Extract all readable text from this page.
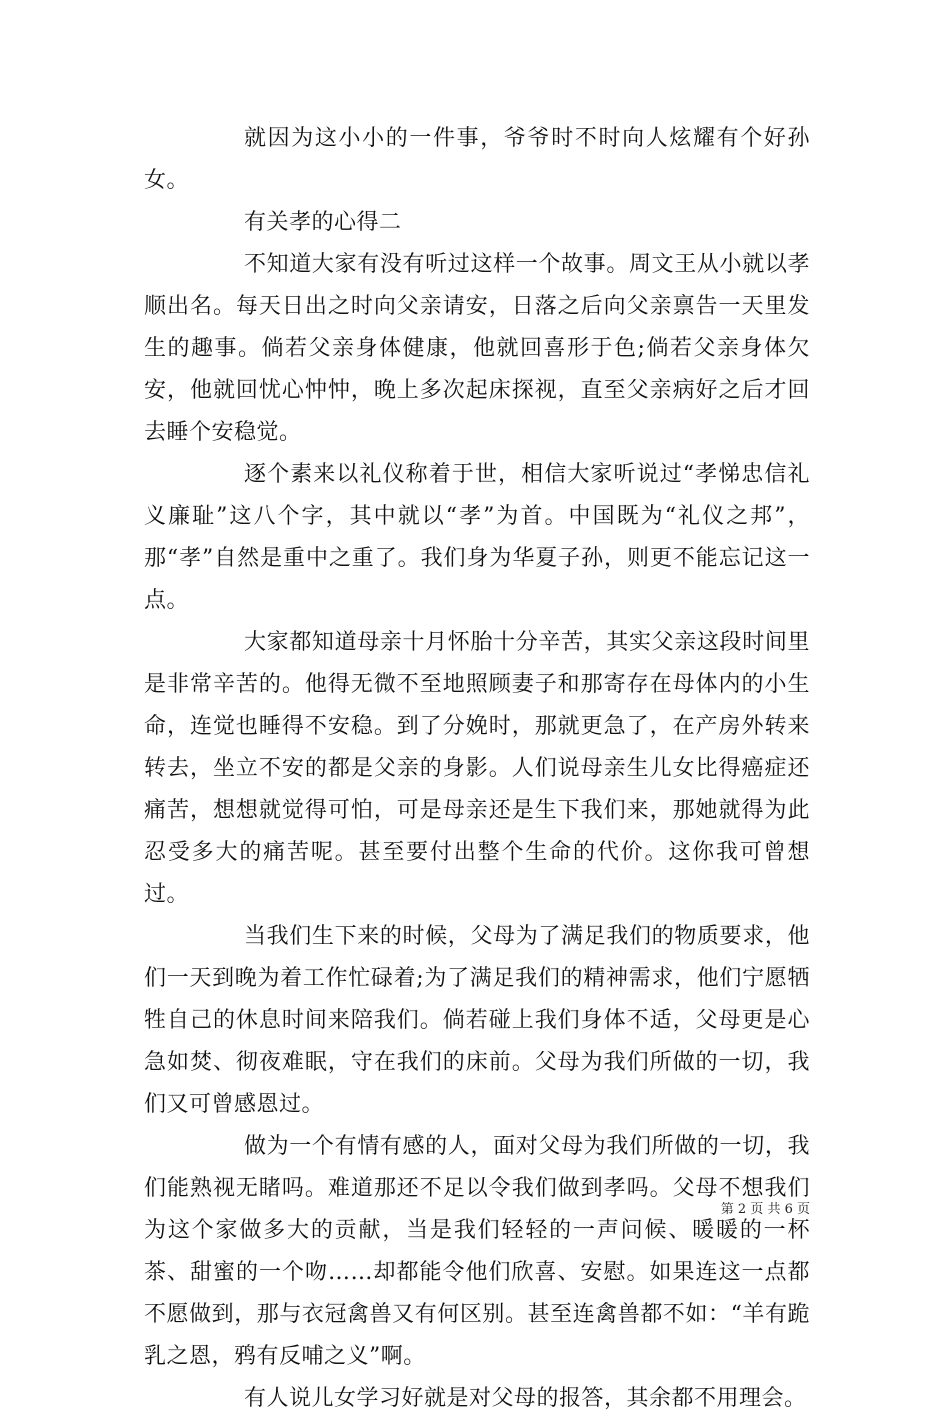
就因为这小小的一件事，爷爷时不时向人炫耀有个好孙女。

有关孝的心得二

不知道大家有没有听过这样一个故事。周文王从小就以孝顺出名。每天日出之时向父亲请安，日落之后向父亲禀告一天里发生的趣事。倘若父亲身体健康，他就回喜形于色;倘若父亲身体欠安，他就回忧心忡忡，晚上多次起床探视，直至父亲病好之后才回去睡个安稳觉。

逐个素来以礼仪称着于世，相信大家听说过“孝悌忠信礼义廉耻”这八个字，其中就以“孝”为首。中国既为“礼仪之邦”，那“孝”自然是重中之重了。我们身为华夏子孙，则更不能忘记这一点。

大家都知道母亲十月怀胎十分辛苦，其实父亲这段时间里是非常辛苦的。他得无微不至地照顾妻子和那寄存在母体内的小生命，连觉也睡得不安稳。到了分娩时，那就更急了，在产房外转来转去，坐立不安的都是父亲的身影。人们说母亲生儿女比得癌症还痛苦，想想就觉得可怕，可是母亲还是生下我们来，那她就得为此忍受多大的痛苦呢。甚至要付出整个生命的代价。这你我可曾想过。

当我们生下来的时候，父母为了满足我们的物质要求，他们一天到晚为着工作忙碌着;为了满足我们的精神需求，他们宁愿牺牲自己的休息时间来陪我们。倘若碰上我们身体不适，父母更是心急如焚、彻夜难眠，守在我们的床前。父母为我们所做的一切，我们又可曾感恩过。

做为一个有情有感的人，面对父母为我们所做的一切，我们能熟视无睹吗。难道那还不足以令我们做到孝吗。父母不想我们为这个家做多大的贡献，当是我们轻轻的一声问候、暖暖的一杯茶、甜蜜的一个吻……却都能令他们欣喜、安慰。如果连这一点都不愿做到，那与衣冠禽兽又有何区别。甚至连禽兽都不如：“羊有跪乳之恩，鸦有反哺之义”啊。

有人说儿女学习好就是对父母的报答，其余都不用理会。

第 2 页 共 6 页
